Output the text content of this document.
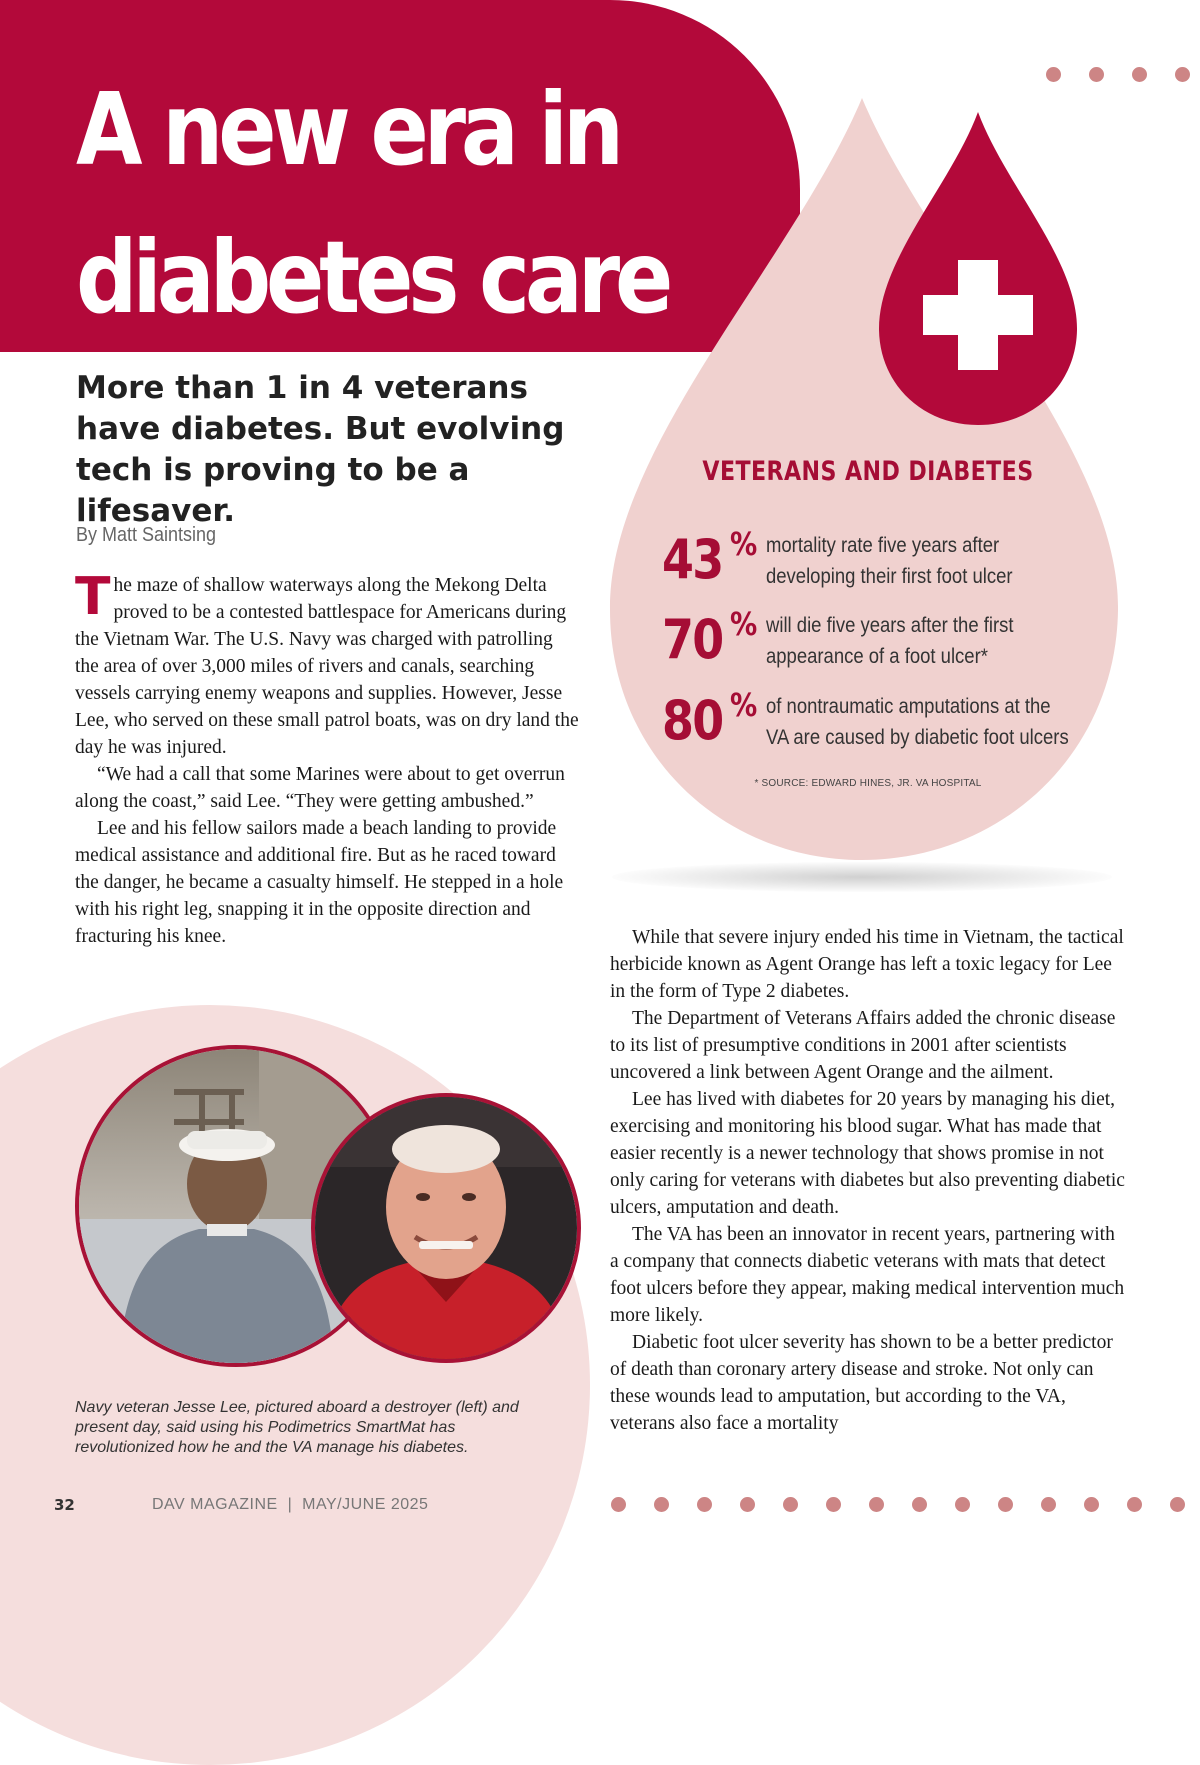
A new era in
diabetes care
More than 1 in 4 veterans have diabetes. But evolving tech is proving to be a lifesaver.
By Matt Saintsing

The maze of shallow waterways along the Mekong Delta proved to be a contested battlespace for Americans during the Vietnam War. The U.S. Navy was charged with patrolling the area of over 3,000 miles of rivers and canals, searching vessels carrying enemy weapons and supplies. However, Jesse Lee, who served on these small patrol boats, was on dry land the day he was injured.

“We had a call that some Marines were about to get overrun along the coast,” said Lee. “They were getting ambushed.”

Lee and his fellow sailors made a beach landing to provide medical assistance and additional fire. But as he raced toward the danger, he became a casualty himself. He stepped in a hole with his right leg, snapping it in the opposite direction and fracturing his knee.

VETERANS AND DIABETES
43 % mortality rate five years after
developing their first foot ulcer
70 % will die five years after the first
appearance of a foot ulcer*
80 % of nontraumatic amputations at the
VA are caused by diabetic foot ulcers
* SOURCE: EDWARD HINES, JR. VA HOSPITAL

While that severe injury ended his time in Vietnam, the tactical herbicide known as Agent Orange has left a toxic legacy for Lee in the form of Type 2 diabetes.

The Department of Veterans Affairs added the chronic disease to its list of presumptive conditions in 2001 after scientists uncovered a link between Agent Orange and the ailment.

Lee has lived with diabetes for 20 years by managing his diet, exercising and monitoring his blood sugar. What has made that easier recently is a newer technology that shows promise in not only caring for veterans with diabetes but also preventing diabetic ulcers, amputation and death.

The VA has been an innovator in recent years, partnering with a company that connects diabetic veterans with mats that detect foot ulcers before they appear, making medical intervention much more likely.

Diabetic foot ulcer severity has shown to be a better predictor of death than coronary artery disease and stroke. Not only can these wounds lead to amputation, but according to the VA, veterans also face a mortality

Navy veteran Jesse Lee, pictured aboard a destroyer (left) and present day, said using his Podimetrics SmartMat has revolutionized how he and the VA manage his diabetes.

32	DAV MAGAZINE  |  MAY/JUNE 2025
